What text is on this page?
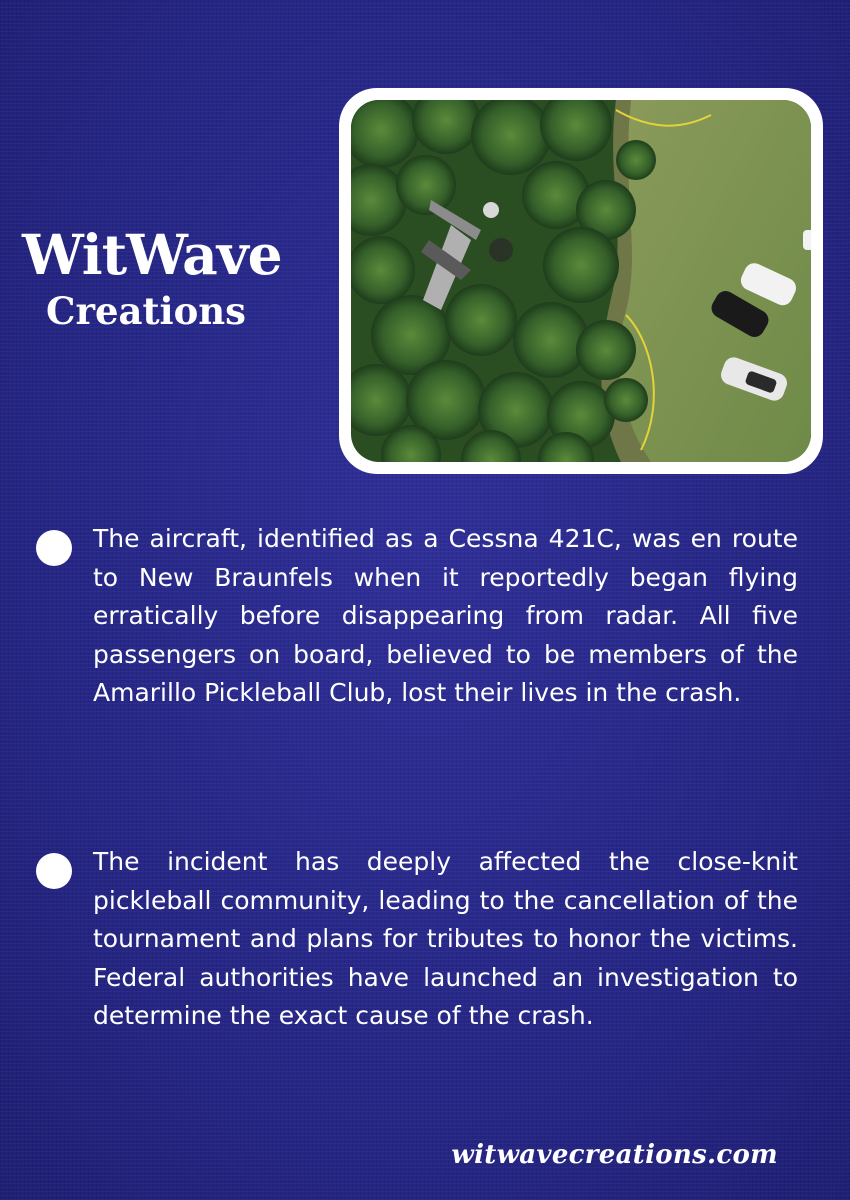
WitWave
Creations

The aircraft, identified as a Cessna 421C, was en route to New Braunfels when it reportedly began flying erratically before disappearing from radar. All five passengers on board, believed to be members of the Amarillo Pickleball Club, lost their lives in the crash.

The incident has deeply affected the close-knit pickleball community, leading to the cancellation of the tournament and plans for tributes to honor the victims. Federal authorities have launched an investigation to determine the exact cause of the crash.

witwavecreations.com
